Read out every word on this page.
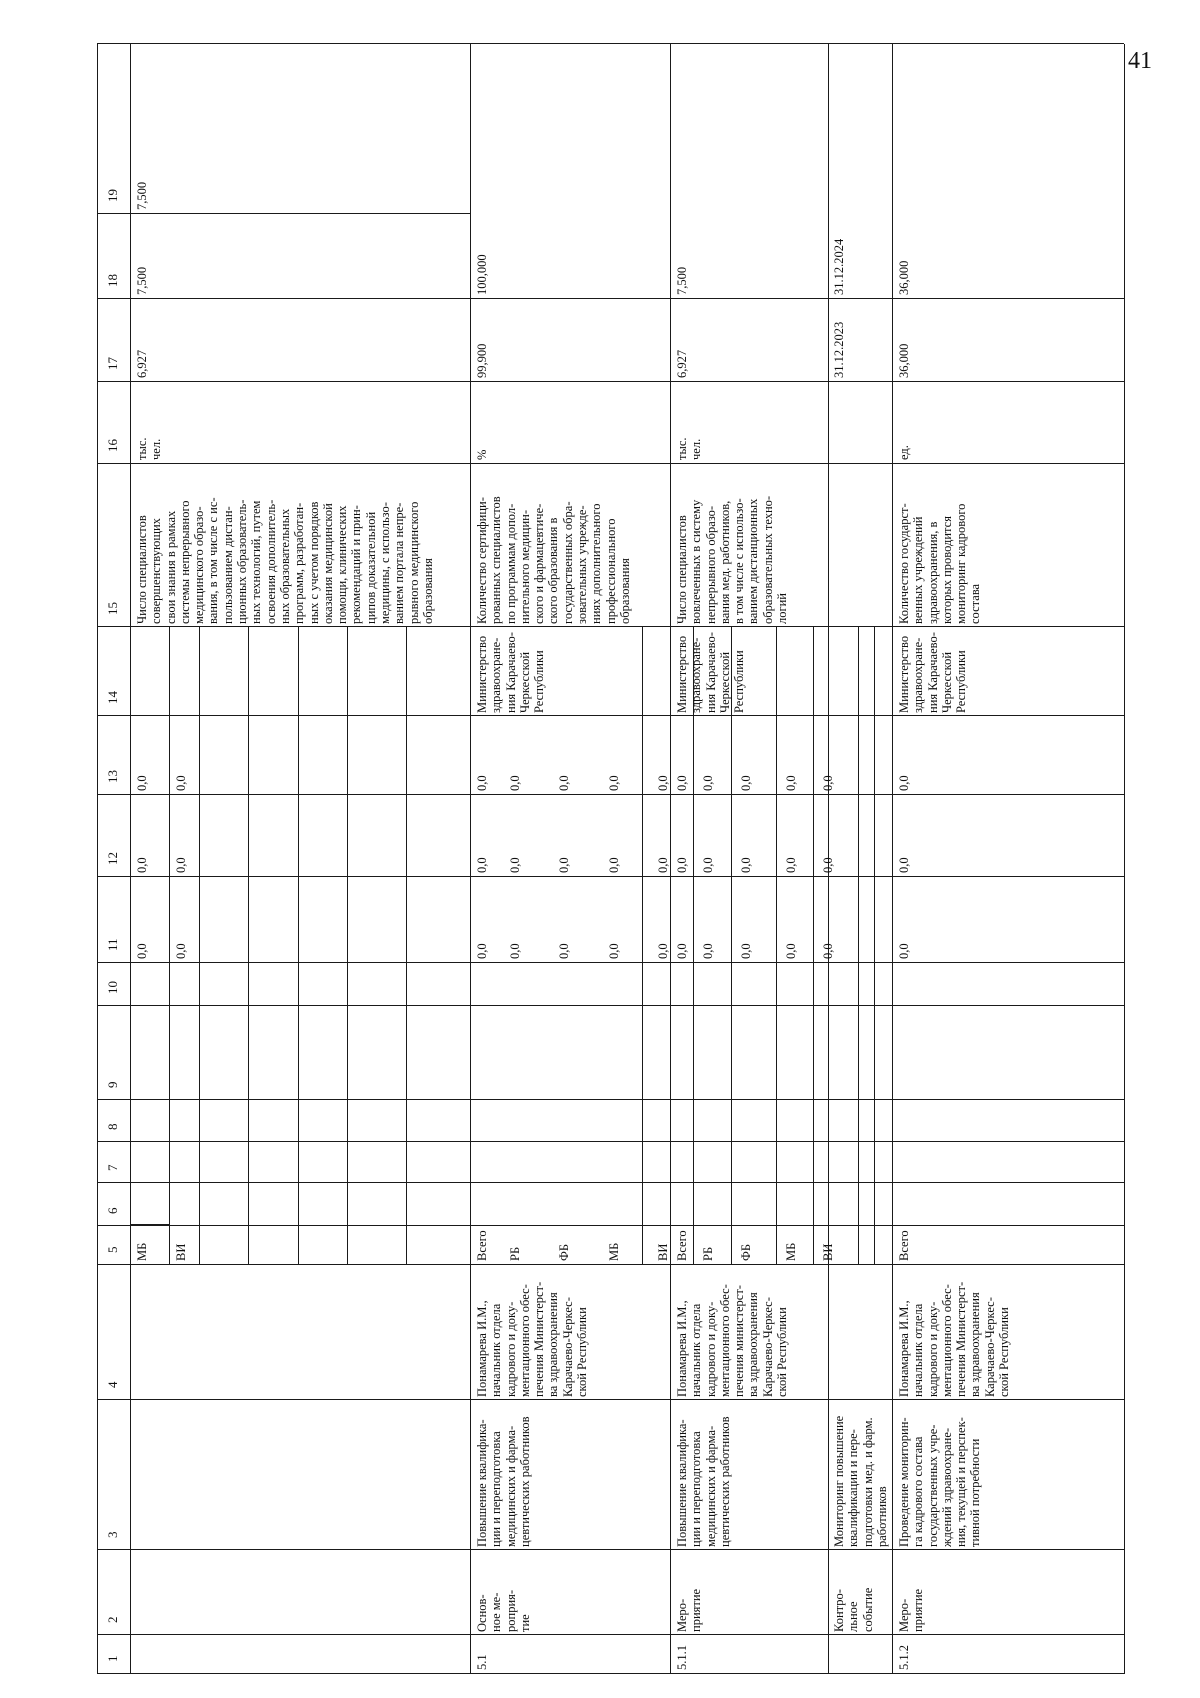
41
1
2
3
4
5
6
7
8
9
10
11
12
13
14
15
16
17
18
19
МБ ВИ
0,0
0,0
0,0
0,0
0,0
0,0
Число специалистов
совершенствующих
свои знания в рамках
системы непрерывного
медицинского образо-
вания, в том числе с ис-
пользованием дистан-
ционных образователь-
ных технологий, путем
освоения дополнитель-
ных образовательных
программ, разработан-
ных с учетом порядков
оказания медицинской
помощи, клинических
рекомендаций и прин-
ципов доказательной
медицины, с использо-
ванием портала непре-
рывного медицинского
образования
тыс.
чел.
6,927
7,500
7,500
5.1
Основ-
ное ме-
роприя-
тие
Повышение квалифика-
ции и переподготовка
медицинских и фарма-
цевтических работников
Понамарева И.М.,
начальник отдела
кадрового и доку-
ментационного обес-
печения Министерст-
ва здравоохранения
Карачаево-Черкес-
ской Республики
Министерство
здравоохране-
ния Карачаево-
Черкесской
Республики
Количество сертифици-
рованных специалистов
по программам допол-
нительного медицин-
ского и фармацевтиче-
ского образования в
государственных обра-
зовательных учрежде-
ниях дополнительного
профессионального
образования
%
99,900
100,000
Всего
0,0
0,0
0,0
РБ
0,0
0,0
0,0
ФБ
0,0
0,0
0,0
МБ
0,0
0,0
0,0
ВИ
0,0
0,0
0,0
5.1.1
Меро-
приятие
Повышение квалифика-
ции и переподготовка
медицинских и фарма-
цевтических работников
Понамарева И.М.,
начальник отдела
кадрового и доку-
ментационного обес-
печения министерст-
ва здравоохранения
Карачаево-Черкес-
ской Республики
Министерство
здравоохране-
ния Карачаево-
Черкесской
Республики
Число специалистов
вовлеченных в систему
непрерывного образо-
вания мед. работников,
в том числе с использо-
ванием дистанционных
образовательных техно-
логий
тыс.
чел.
6,927
7,500
Всего
0,0
0,0
0,0
РБ
0,0
0,0
0,0
ФБ
0,0
0,0
0,0
МБ
0,0
0,0
0,0
ВИ
0,0
0,0
0,0
Контро-
льное
событие
Мониторинг повышение
квалификации и пере-
подготовки мед. и фарм.
работников
31.12.2023
31.12.2024
5.1.2
Меро-
приятие
Проведение мониторин-
га кадрового состава
государственных учре-
ждений здравоохране-
ния, текущей и перспек-
тивной потребности
Понамарева И.М.,
начальник отдела
кадрового и доку-
ментационного обес-
печения Министерст-
ва здравоохранения
Карачаево-Черкес-
ской Республики
Всего
0,0
0,0
0,0
Министерство
здравоохране-
ния Карачаево-
Черкесской
Республики
Количество государст-
венных учреждений
здравоохранения, в
которых проводится
мониторинг кадрового
состава
ед.
36,000
36,000
